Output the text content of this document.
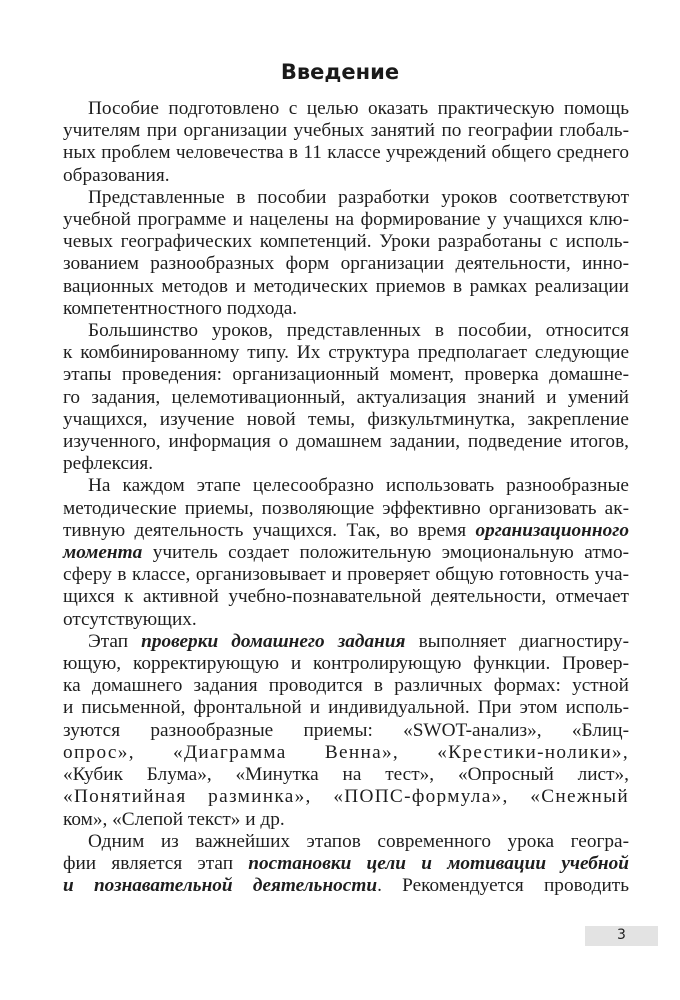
Введение
Пособие подготовлено с целью оказать практическую помощь
учителям при организации учебных занятий по географии глобаль-
ных проблем человечества в 11 классе учреждений общего среднего
образования.
Представленные в пособии разработки уроков соответствуют
учебной программе и нацелены на формирование у учащихся клю-
чевых географических компетенций. Уроки разработаны с исполь-
зованием разнообразных форм организации деятельности, инно-
вационных методов и методических приемов в рамках реализации
компетентностного подхода.
Большинство уроков, представленных в пособии, относится
к комбинированному типу. Их структура предполагает следующие
этапы проведения: организационный момент, проверка домашне-
го задания, целемотивационный, актуализация знаний и умений
учащихся, изучение новой темы, физкультминутка, закрепление
изученного, информация о домашнем задании, подведение итогов,
рефлексия.
На каждом этапе целесообразно использовать разнообразные
методические приемы, позволяющие эффективно организовать ак-
тивную деятельность учащихся. Так, во время организационного
момента учитель создает положительную эмоциональную атмо-
сферу в классе, организовывает и проверяет общую готовность уча-
щихся к активной учебно-познавательной деятельности, отмечает
отсутствующих.
Этап проверки домашнего задания выполняет диагностиру-
ющую, корректирующую и контролирующую функции. Провер-
ка домашнего задания проводится в различных формах: устной
и письменной, фронтальной и индивидуальной. При этом исполь-
зуются разнообразные приемы: «SWOT-анализ», «Блиц-
опрос», «Диаграмма Венна», «Крестики-нолики»,
«Кубик Блума», «Минутка на тест», «Опросный лист»,
«Понятийная разминка», «ПОПС-формула», «Снежный
ком», «Слепой текст» и др.
Одним из важнейших этапов современного урока геогра-
фии является этап постановки цели и мотивации учебной
и познавательной деятельности. Рекомендуется проводить
3
